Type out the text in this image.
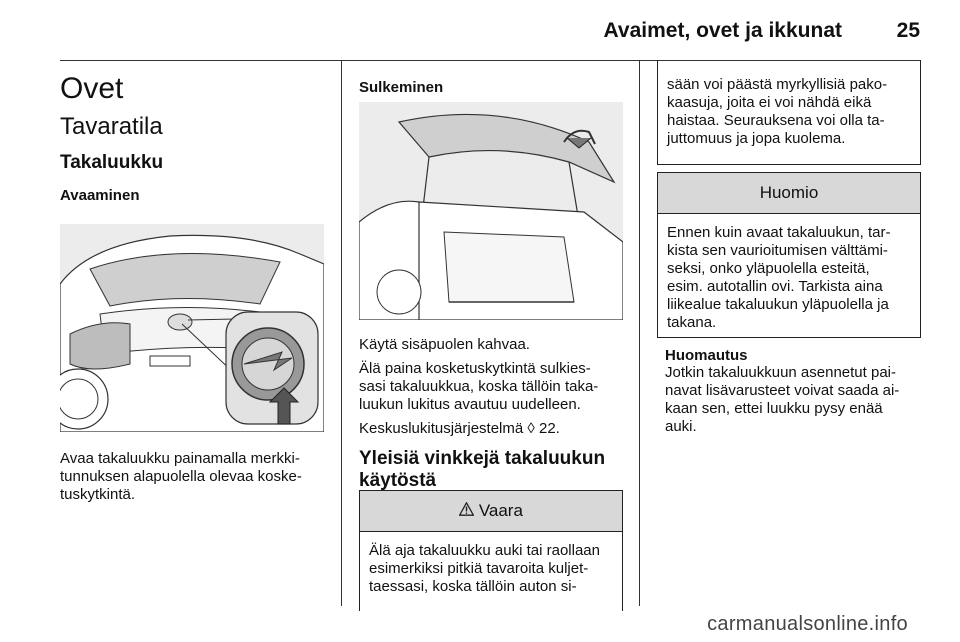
Avaimet, ovet ja ikkunat	25
Ovet
Tavaratila
Takaluukku
Avaaminen

Avaa takaluukku painamalla merkki-

tunnuksen alapuolella olevaa koske-

tuskytkintä.

Sulkeminen

Käytä sisäpuolen kahvaa.

Älä paina kosketuskytkintä sulkies-

sasi takaluukkua, koska tällöin taka-

luukun lukitus avautuu uudelleen.

Keskuslukitusjärjestelmä ◊ 22.

Yleisiä vinkkejä takaluukun
käytöstä
Vaara

Älä aja takaluukku auki tai raollaan

esimerkiksi pitkiä tavaroita kuljet-

taessasi, koska tällöin auton si-

sään voi päästä myrkyllisiä pako-

kaasuja, joita ei voi nähdä eikä

haistaa. Seurauksena voi olla ta-

juttomuus ja jopa kuolema.

Huomio

Ennen kuin avaat takaluukun, tar-

kista sen vaurioitumisen välttämi-

seksi, onko yläpuolella esteitä,

esim. autotallin ovi. Tarkista aina

liikealue takaluukun yläpuolella ja

takana.

Huomautus

Jotkin takaluukkuun asennetut pai-

navat lisävarusteet voivat saada ai-

kaan sen, ettei luukku pysy enää

auki.

carmanualsonline.info
